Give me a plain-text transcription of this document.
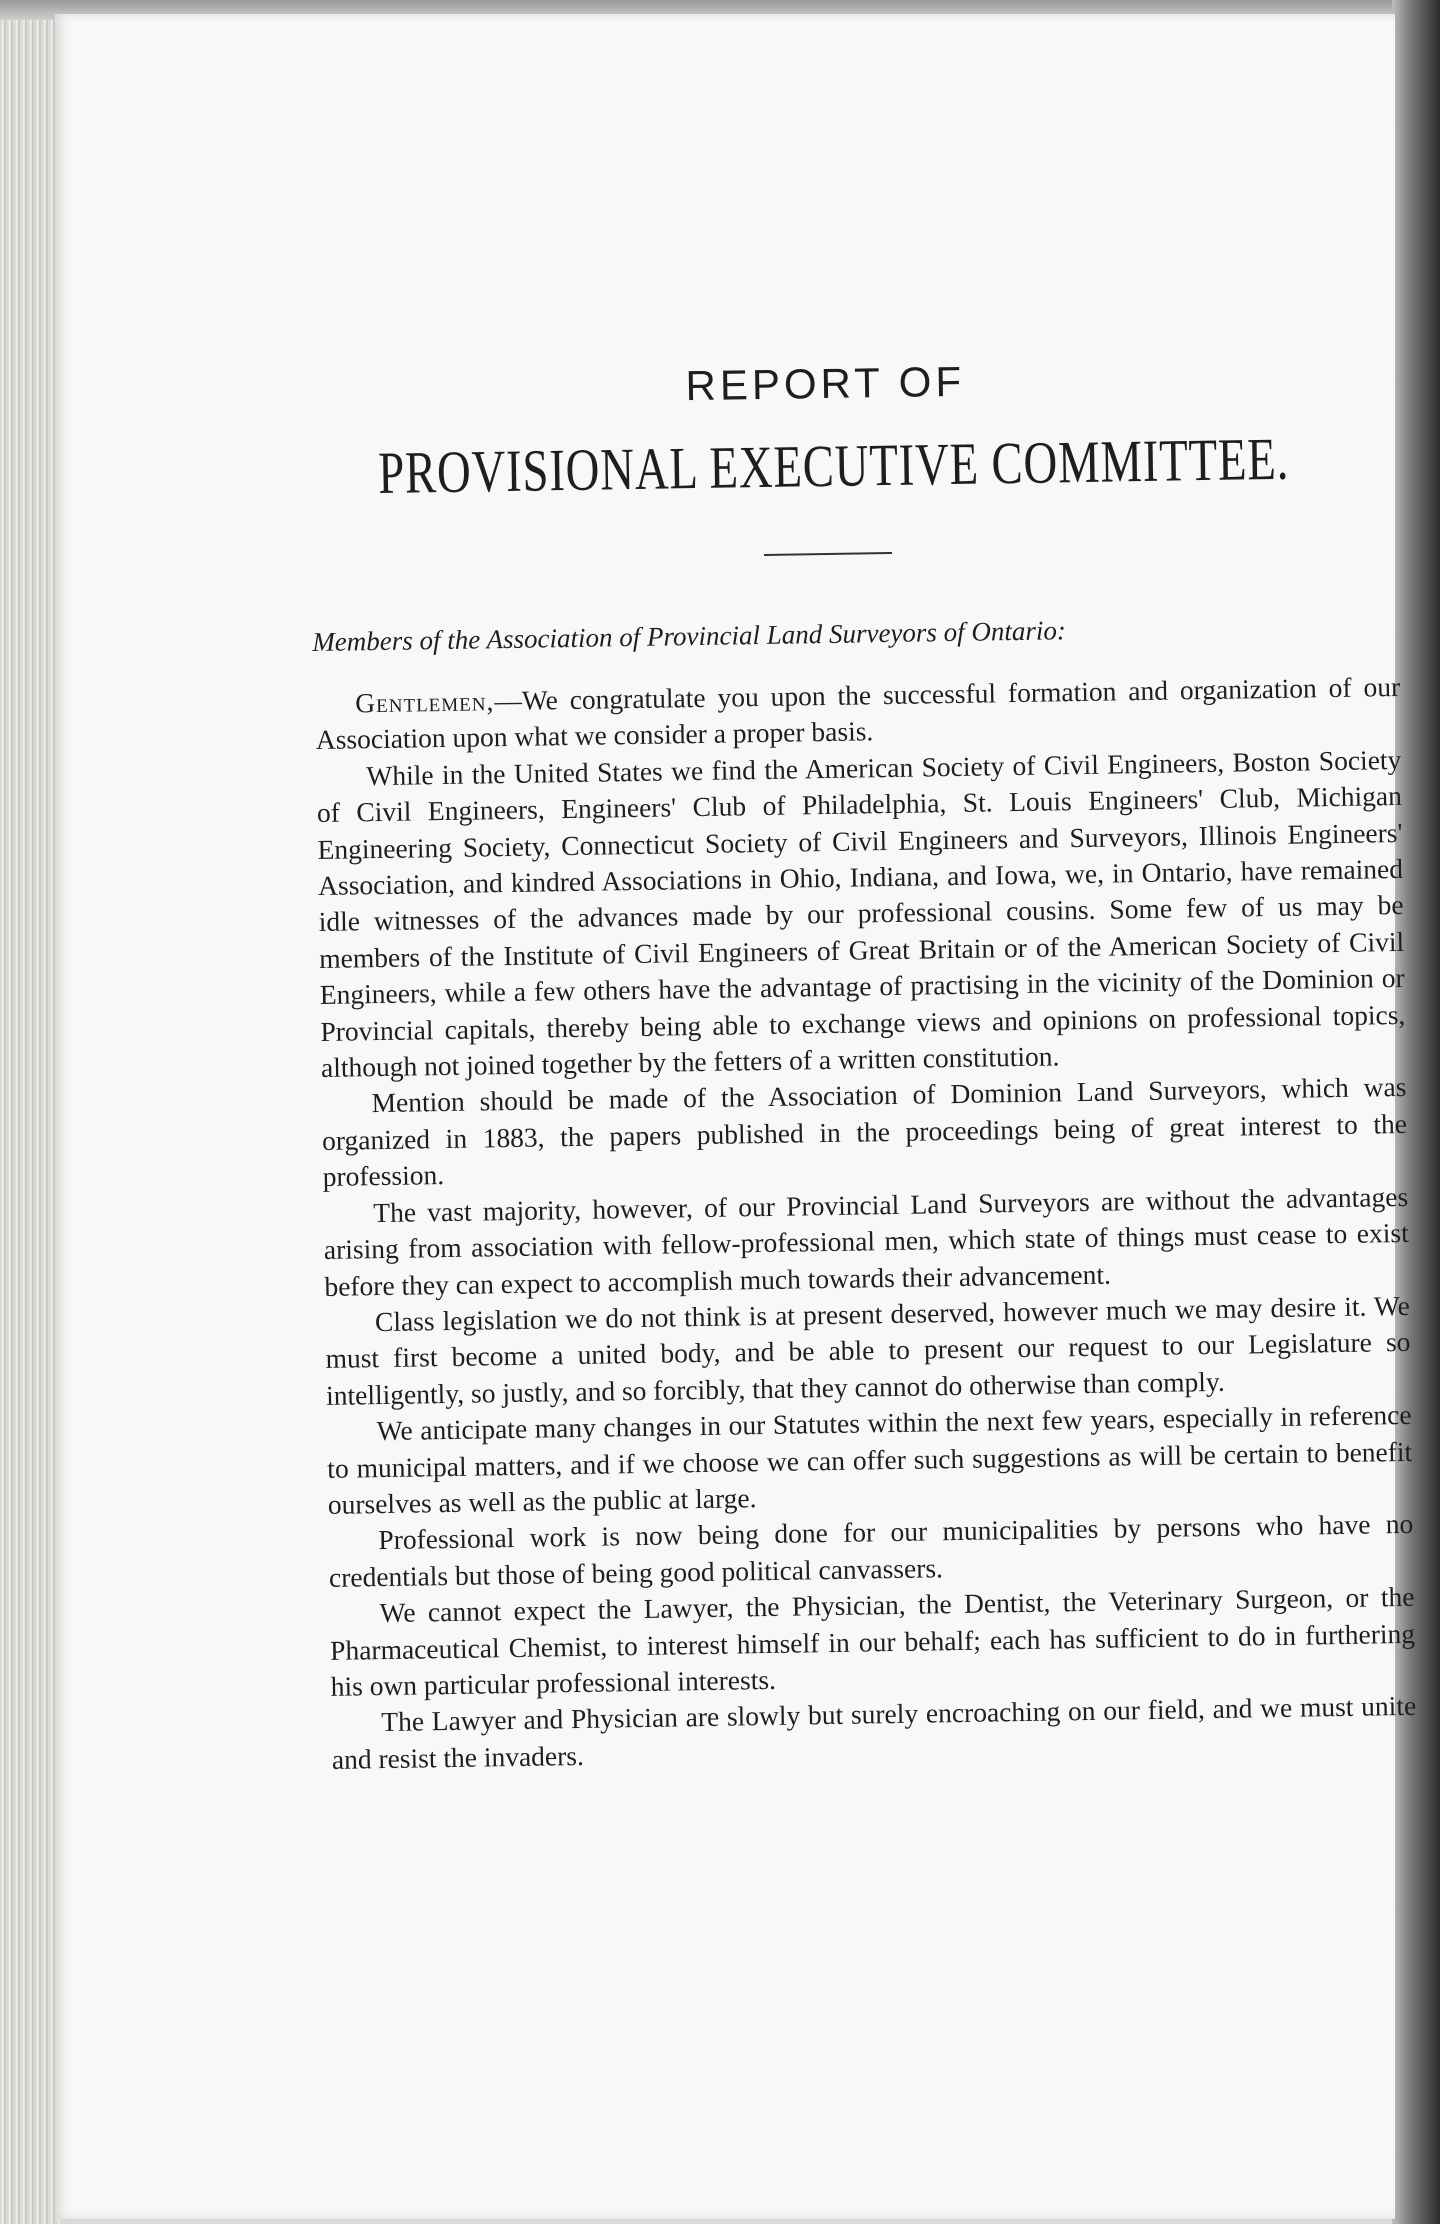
REPORT OF
PROVISIONAL EXECUTIVE COMMITTEE.
Members of the Association of Provincial Land Surveyors of Ontario:

Gentlemen,—We congratulate you upon the successful formation and organization of our Association upon what we consider a proper basis.

While in the United States we find the American Society of Civil Engineers, Boston Society of Civil Engineers, Engineers' Club of Philadelphia, St. Louis Engineers' Club, Michigan Engineering Society, Connecticut Society of Civil Engineers and Surveyors, Illinois Engineers' Association, and kindred Associations in Ohio, Indiana, and Iowa, we, in Ontario, have remained idle witnesses of the advances made by our professional cousins. Some few of us may be members of the Institute of Civil Engineers of Great Britain or of the American Society of Civil Engineers, while a few others have the advantage of practising in the vicinity of the Dominion or Provincial capitals, thereby being able to exchange views and opinions on professional topics, although not joined together by the fetters of a written constitution.

Mention should be made of the Association of Dominion Land Surveyors, which was organized in 1883, the papers published in the proceedings being of great interest to the profession.

The vast majority, however, of our Provincial Land Surveyors are without the advantages arising from association with fellow-professional men, which state of things must cease to exist before they can expect to accomplish much towards their advancement.

Class legislation we do not think is at present deserved, however much we may desire it. We must first become a united body, and be able to present our request to our Legislature so intelligently, so justly, and so forcibly, that they cannot do otherwise than comply.

We anticipate many changes in our Statutes within the next few years, especially in reference to municipal matters, and if we choose we can offer such suggestions as will be certain to benefit ourselves as well as the public at large.

Professional work is now being done for our municipalities by persons who have no credentials but those of being good political canvassers.

We cannot expect the Lawyer, the Physician, the Dentist, the Veterinary Surgeon, or the Pharmaceutical Chemist, to interest himself in our behalf; each has sufficient to do in furthering his own particular professional interests.

The Lawyer and Physician are slowly but surely encroaching on our field, and we must unite and resist the invaders.
